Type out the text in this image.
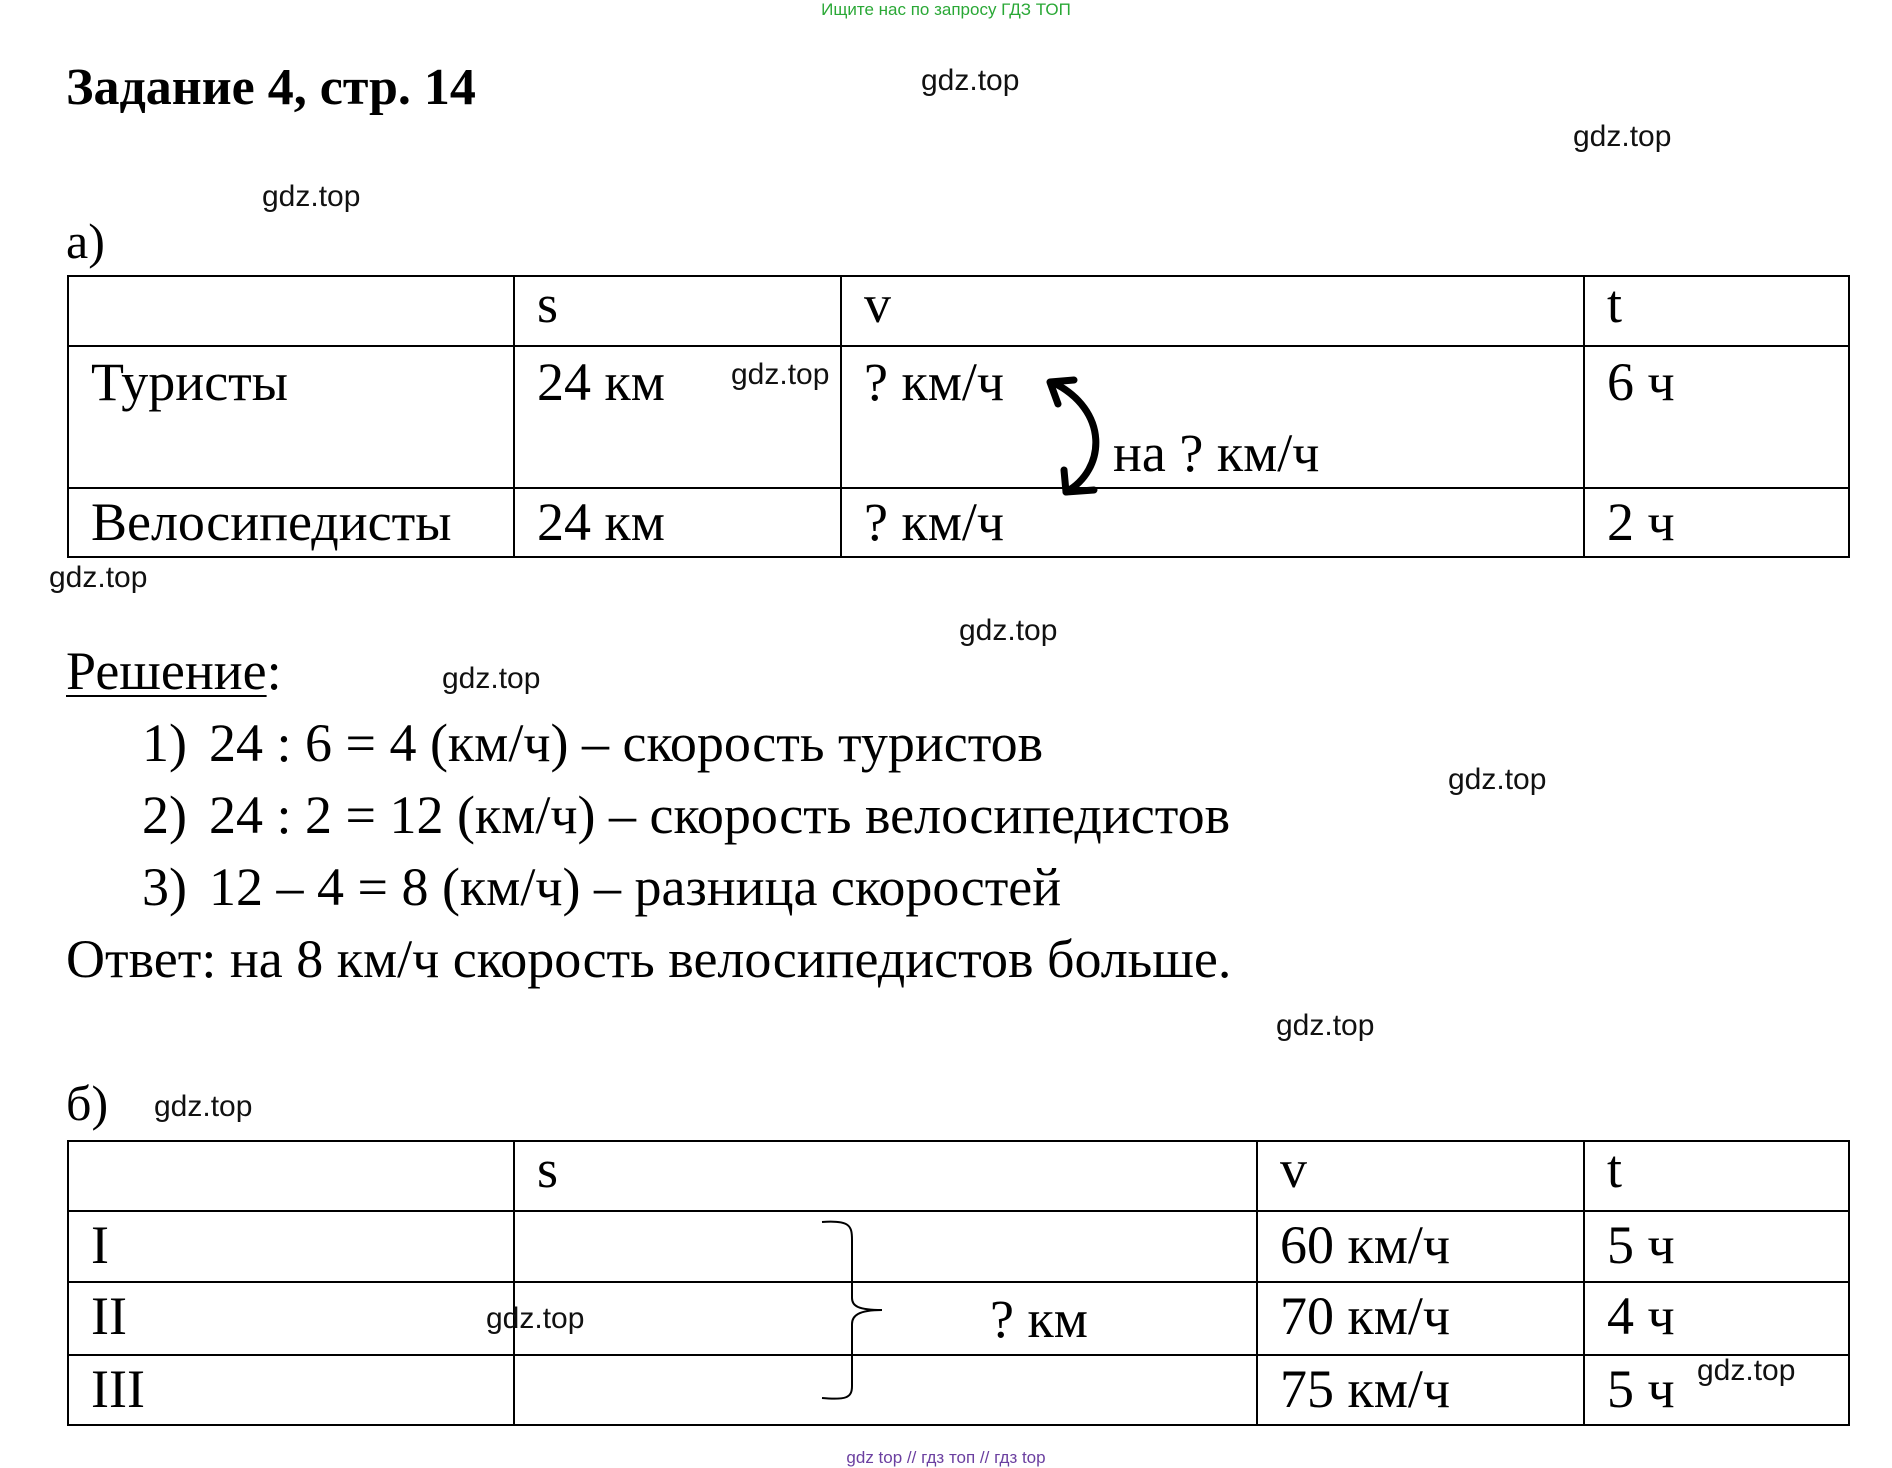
Ищите нас по запросу ГДЗ ТОП
Задание 4, стр. 14
а)
	s	v	t
Туристы	24 км	? км/ч	6 ч
Велосипедисты	24 км	? км/ч	2 ч
на ? км/ч
Решение:
1) 24 : 6 = 4 (км/ч) – скорость туристов
2) 24 : 2 = 12 (км/ч) – скорость велосипедистов
3) 12 – 4 = 8 (км/ч) – разница скоростей
Ответ: на 8 км/ч скорость велосипедистов больше.
б)
	s	v	t
I		60 км/ч	5 ч
II		70 км/ч	4 ч
III		75 км/ч	5 ч
? км
gdz.top
gdz.top
gdz.top
gdz.top
gdz.top
gdz.top
gdz.top
gdz.top
gdz.top
gdz.top
gdz.top
gdz.top
gdz top // гдз топ // гдз top
